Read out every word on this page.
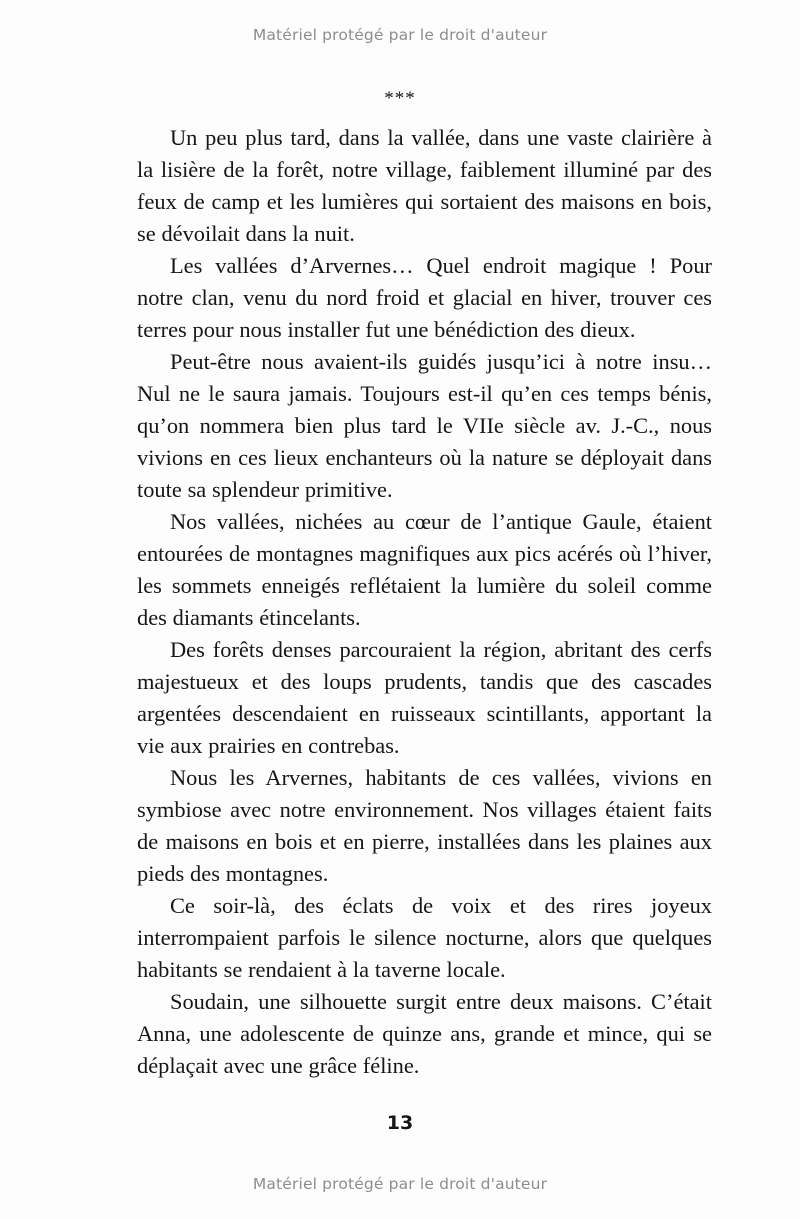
Matériel protégé par le droit d'auteur
***

Un peu plus tard, dans la vallée, dans une vaste clairière à la lisière de la forêt, notre village, faiblement illuminé par des feux de camp et les lumières qui sortaient des maisons en bois, se dévoilait dans la nuit.

Les vallées d’Arvernes… Quel endroit magique ! Pour notre clan, venu du nord froid et glacial en hiver, trouver ces terres pour nous installer fut une bénédiction des dieux.

Peut-être nous avaient-ils guidés jusqu’ici à notre insu… Nul ne le saura jamais. Toujours est-il qu’en ces temps bénis, qu’on nommera bien plus tard le VIIe siècle av. J.-C., nous vivions en ces lieux enchanteurs où la nature se déployait dans toute sa splendeur primitive.

Nos vallées, nichées au cœur de l’antique Gaule, étaient entourées de montagnes magnifiques aux pics acérés où l’hiver, les sommets enneigés reflétaient la lumière du soleil comme des diamants étincelants.

Des forêts denses parcouraient la région, abritant des cerfs majestueux et des loups prudents, tandis que des cascades argentées descendaient en ruisseaux scintillants, apportant la vie aux prairies en contrebas.

Nous les Arvernes, habitants de ces vallées, vivions en symbiose avec notre environnement. Nos villages étaient faits de maisons en bois et en pierre, installées dans les plaines aux pieds des montagnes.

Ce soir-là, des éclats de voix et des rires joyeux interrompaient parfois le silence nocturne, alors que quelques habitants se rendaient à la taverne locale.

Soudain, une silhouette surgit entre deux maisons. C’était Anna, une adolescente de quinze ans, grande et mince, qui se déplaçait avec une grâce féline.

13
Matériel protégé par le droit d'auteur
